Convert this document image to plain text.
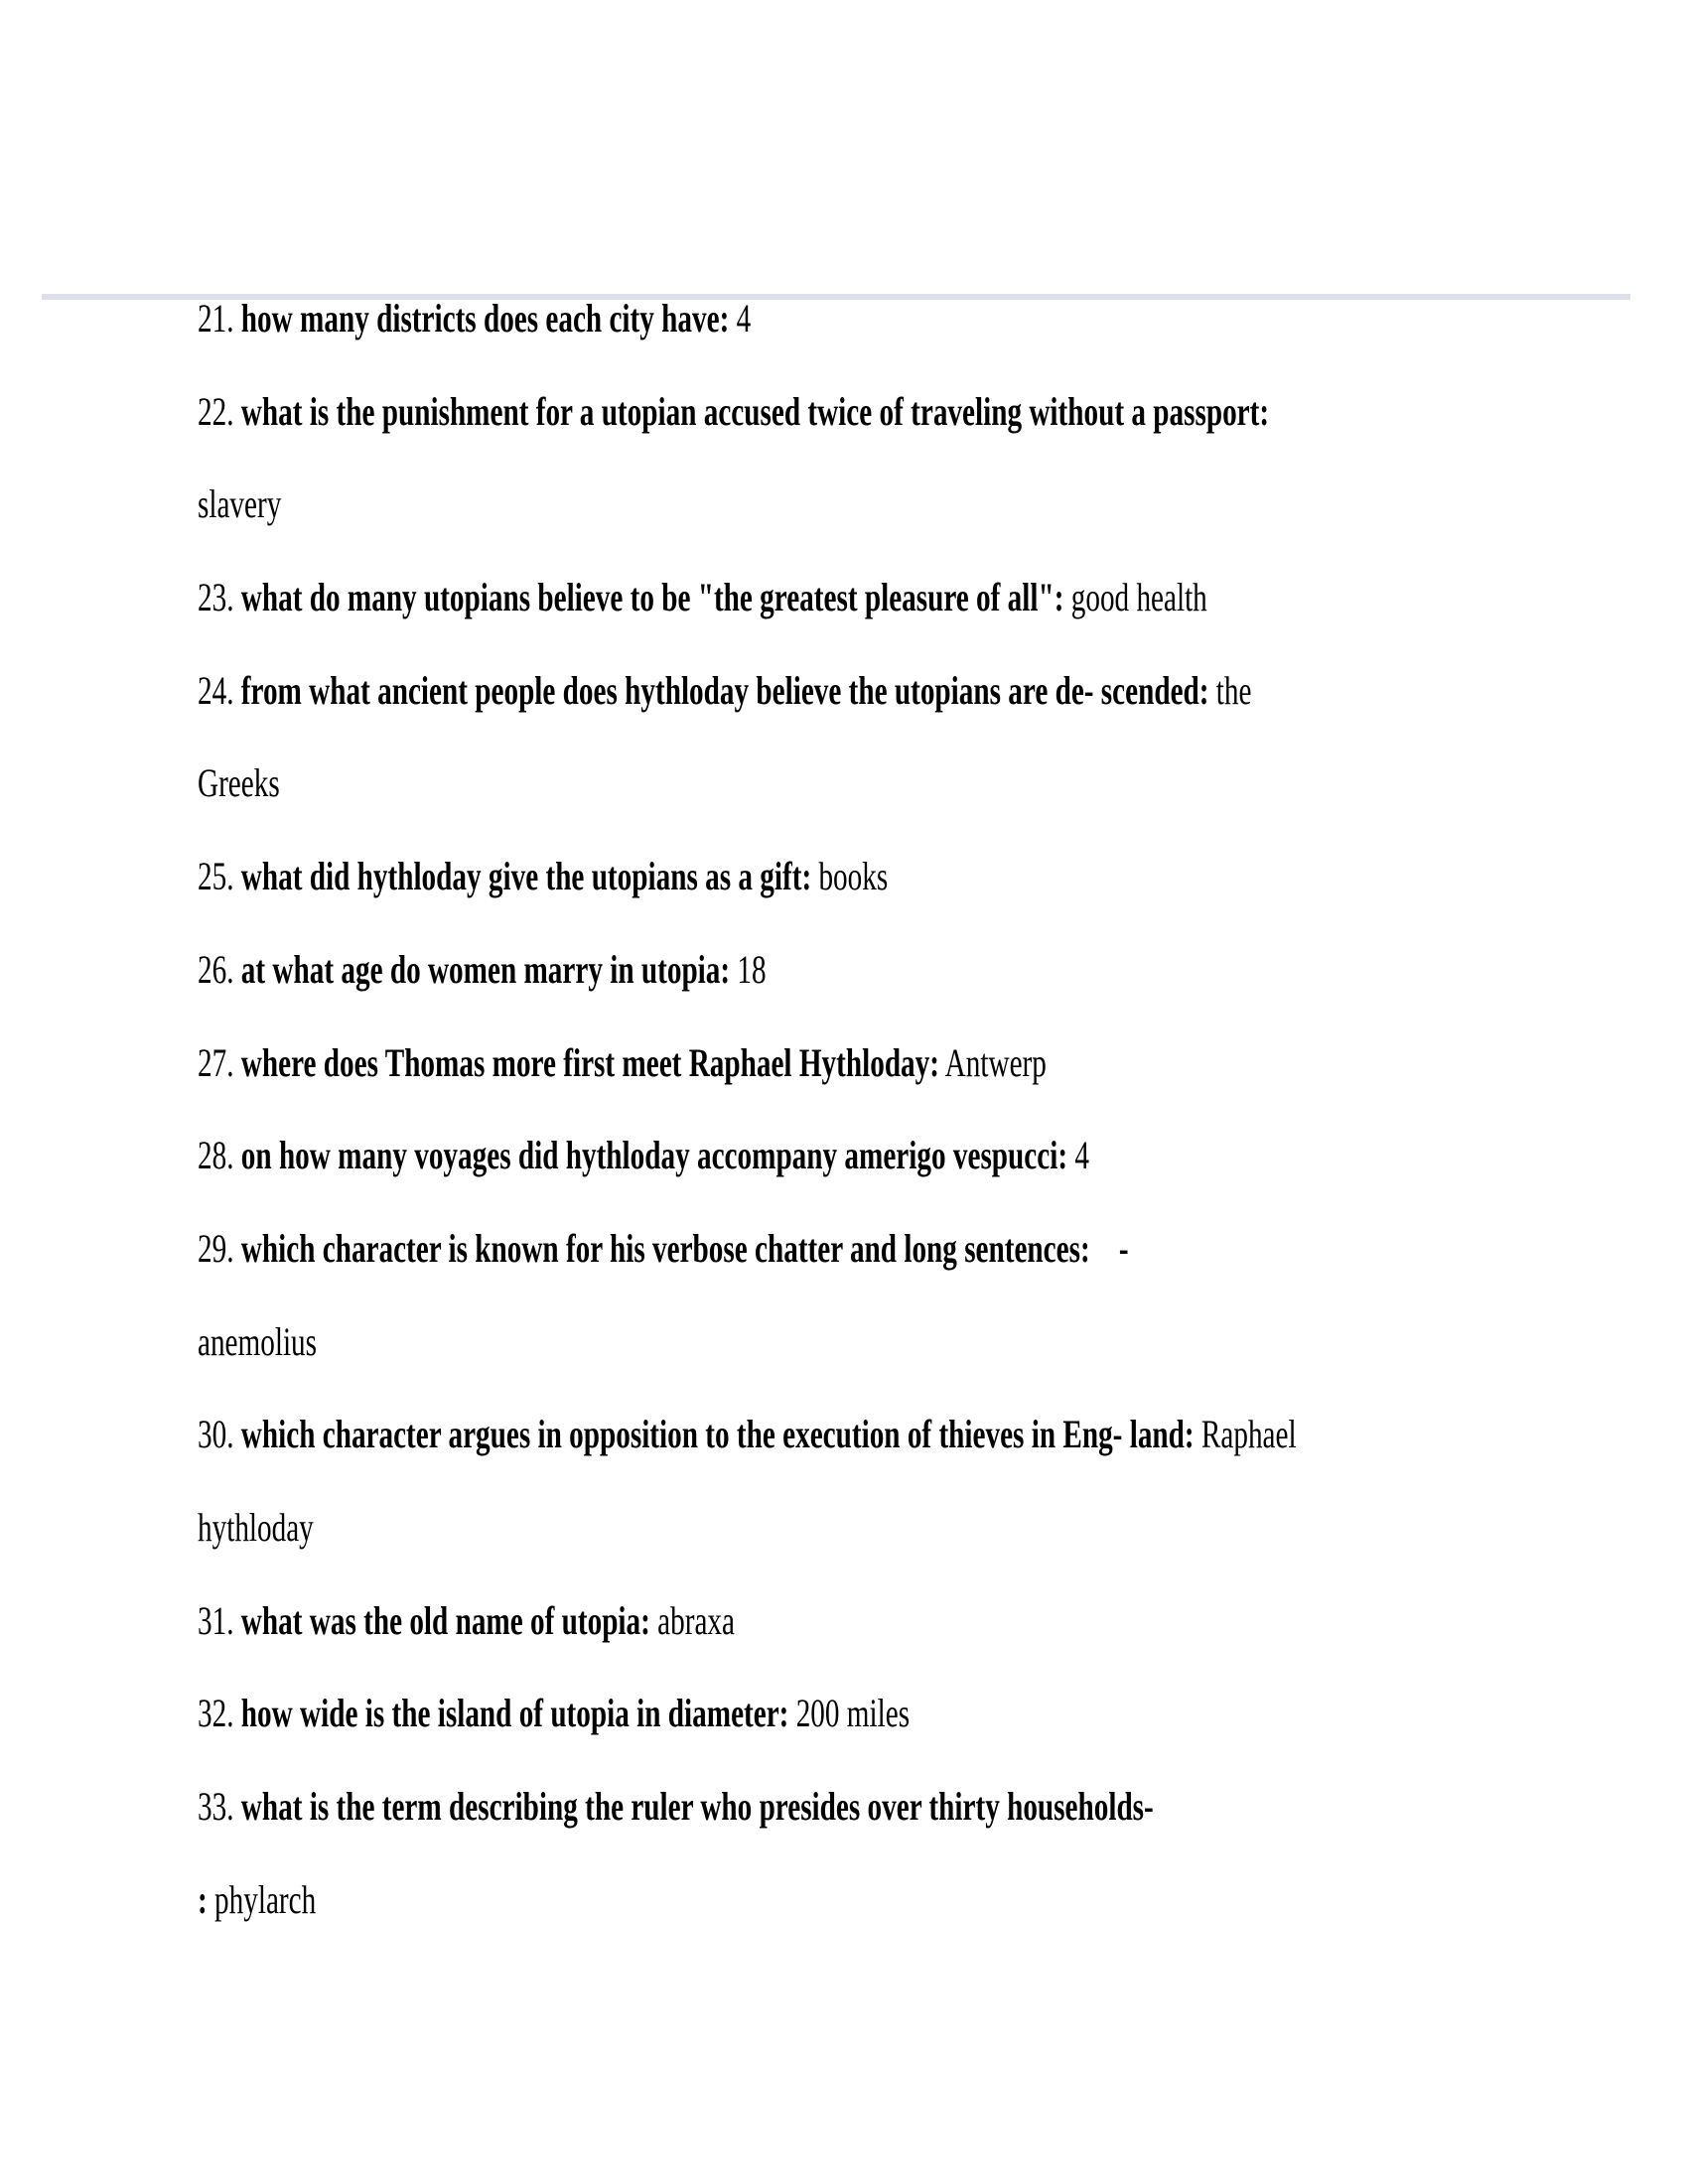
21. how many districts does each city have: 4
22. what is the punishment for a utopian accused twice of traveling without a passport:
slavery
23. what do many utopians believe to be "the greatest pleasure of all": good health
24. from what ancient people does hythloday believe the utopians are de- scended: the
Greeks
25. what did hythloday give the utopians as a gift: books
26. at what age do women marry in utopia: 18
27. where does Thomas more first meet Raphael Hythloday: Antwerp
28. on how many voyages did hythloday accompany amerigo vespucci: 4
29. which character is known for his verbose chatter and long sentences: -
anemolius
30. which character argues in opposition to the execution of thieves in Eng- land: Raphael
hythloday
31. what was the old name of utopia: abraxa
32. how wide is the island of utopia in diameter: 200 miles
33. what is the term describing the ruler who presides over thirty households-
: phylarch
